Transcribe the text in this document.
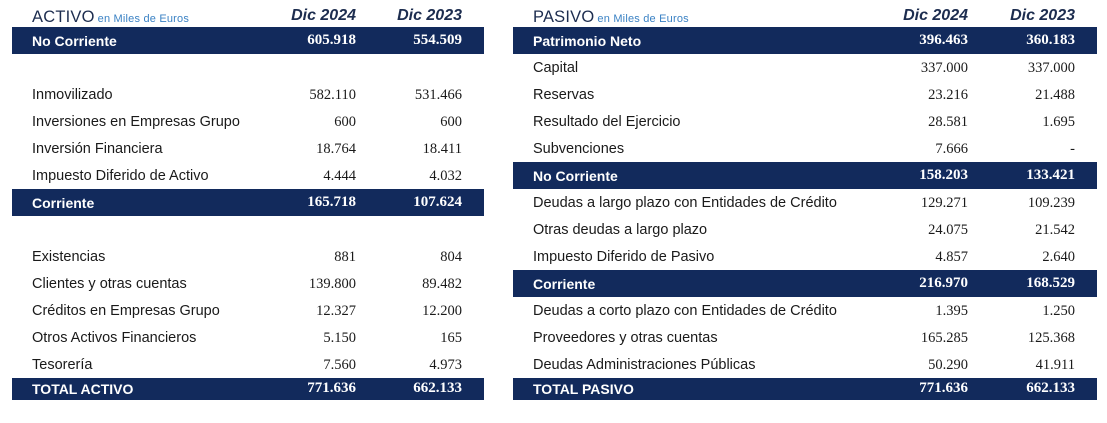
ACTIVO en Miles de Euros	Dic 2024	Dic 2023
No Corriente	605.918	554.509
Inmovilizado	582.110	531.466
Inversiones en Empresas Grupo	600	600
Inversión Financiera	18.764	18.411
Impuesto Diferido de Activo	4.444	4.032
Corriente	165.718	107.624
Existencias	881	804
Clientes y otras cuentas	139.800	89.482
Créditos en Empresas Grupo	12.327	12.200
Otros Activos Financieros	5.150	165
Tesorería	7.560	4.973
TOTAL ACTIVO	771.636	662.133
PASIVO en Miles de Euros	Dic 2024	Dic 2023
Patrimonio Neto	396.463	360.183
Capital	337.000	337.000
Reservas	23.216	21.488
Resultado del Ejercicio	28.581	1.695
Subvenciones	7.666	-
No Corriente	158.203	133.421
Deudas a largo plazo con Entidades de Crédito	129.271	109.239
Otras deudas a largo plazo	24.075	21.542
Impuesto Diferido de Pasivo	4.857	2.640
Corriente	216.970	168.529
Deudas a corto plazo con Entidades de Crédito	1.395	1.250
Proveedores y otras cuentas	165.285	125.368
Deudas Administraciones Públicas	50.290	41.911
TOTAL PASIVO	771.636	662.133
